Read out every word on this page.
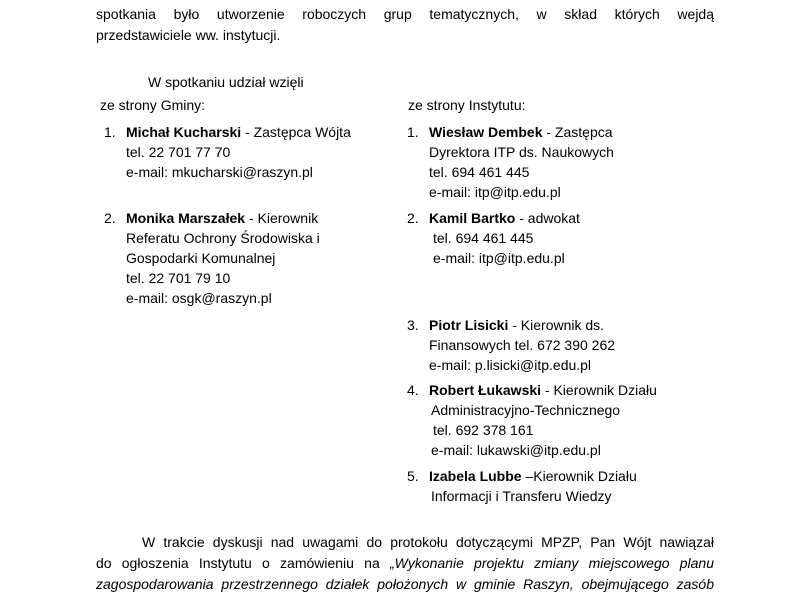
spotkania było utworzenie roboczych grup tematycznych, w skład których wejdą
przedstawiciele ww. instytucji.
W spotkaniu udział wzięli
ze strony Gminy:	ze strony Instytutu:
1. Michał Kucharski - Zastępca Wójta
tel. 22 701 77 70
e-mail: mkucharski@raszyn.pl
2. Monika Marszałek - Kierownik
Referatu Ochrony Środowiska i
Gospodarki Komunalnej
tel. 22 701 79 10
e-mail: osgk@raszyn.pl
1. Wiesław Dembek - Zastępca
Dyrektora ITP ds. Naukowych
tel. 694 461 445
e-mail: itp@itp.edu.pl
2. Kamil Bartko - adwokat
tel. 694 461 445
e-mail: itp@itp.edu.pl
3. Piotr Lisicki - Kierownik ds.
Finansowych tel. 672 390 262
e-mail: p.lisicki@itp.edu.pl
4. Robert Łukawski - Kierownik Działu
Administracyjno-Technicznego
tel. 692 378 161
e-mail: lukawski@itp.edu.pl
5. Izabela Lubbe –Kierownik Działu
Informacji i Transferu Wiedzy
W trakcie dyskusji nad uwagami do protokołu dotyczącymi MPZP, Pan Wójt nawiązał
do ogłoszenia Instytutu o zamówieniu na „Wykonanie projektu zmiany miejscowego planu
zagospodarowania przestrzennego działek położonych w gminie Raszyn, obejmującego zasób
